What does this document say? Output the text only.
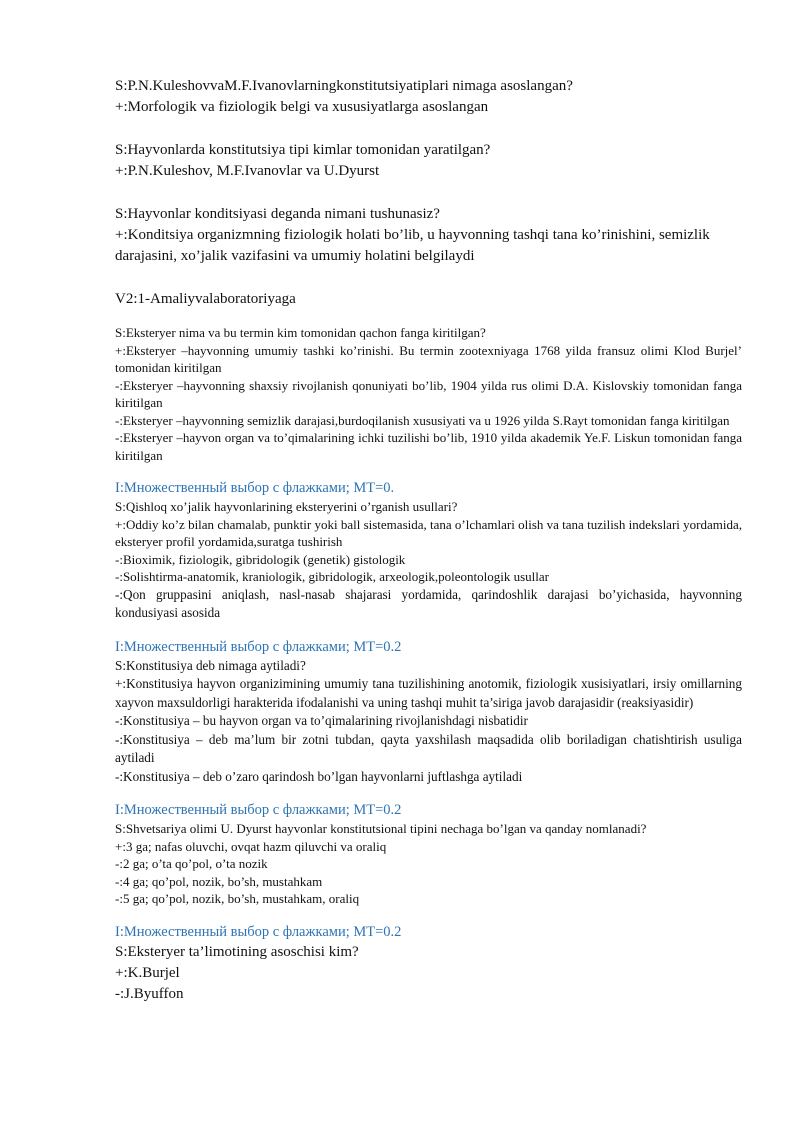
S:P.N.KuleshovvaM.F.Ivanovlarningkonstitutsiyatiplari nimaga asoslangan?

+:Morfologik va fiziologik belgi va xususiyatlarga asoslangan

S:Hayvonlarda konstitutsiya tipi kimlar tomonidan yaratilgan?

+:P.N.Kuleshov, M.F.Ivanovlar va U.Dyurst

S:Hayvonlar konditsiyasi deganda nimani tushunasiz?

+:Konditsiya organizmning fiziologik holati bo’lib, u hayvonning tashqi tana ko’rinishini, semizlik darajasini, xo’jalik vazifasini va umumiy holatini belgilaydi

V2:1-Amaliyvalaboratoriyaga

S:Eksteryer nima va bu termin kim tomonidan qachon fanga kiritilgan?

+:Eksteryer –hayvonning umumiy tashki ko’rinishi. Bu termin zootexniyaga 1768 yilda fransuz olimi Klod Burjel’ tomonidan kiritilgan

-:Eksteryer –hayvonning shaxsiy rivojlanish qonuniyati bo’lib, 1904 yilda rus olimi D.A. Kislovskiy tomonidan fanga kiritilgan

-:Eksteryer –hayvonning semizlik darajasi,burdoqilanish xususiyati va u 1926 yilda S.Rayt tomonidan fanga kiritilgan

-:Eksteryer –hayvon organ va to’qimalarining ichki tuzilishi bo’lib, 1910 yilda akademik Ye.F. Liskun tomonidan fanga kiritilgan

I:Множественный выбор с флажками; MT=0.

S:Qishloq xo’jalik hayvonlarining eksteryerini o’rganish usullari?

+:Oddiy ko’z bilan chamalab, punktir yoki ball sistemasida, tana o’lchamlari olish va tana tuzilish indekslari yordamida, eksteryer profil yordamida,suratga tushirish

-:Bioximik, fiziologik, gibridologik (genetik) gistologik

-:Solishtirma-anatomik, kraniologik, gibridologik, arxeologik,poleontologik usullar

-:Qon gruppasini aniqlash, nasl-nasab shajarasi yordamida, qarindoshlik darajasi bo’yichasida, hayvonning kondusiyasi asosida

I:Множественный выбор с флажками; MT=0.2

S:Konstitusiya deb nimaga aytiladi?

+:Konstitusiya hayvon organizimining umumiy tana tuzilishining anotomik, fiziologik xusisiyatlari, irsiy omillarning xayvon maxsuldorligi harakterida ifodalanishi va uning tashqi muhit ta’siriga javob darajasidir (reaksiyasidir)

-:Konstitusiya – bu hayvon organ va to’qimalarining rivojlanishdagi nisbatidir

-:Konstitusiya – deb ma’lum bir zotni tubdan, qayta yaxshilash maqsadida olib boriladigan chatishtirish usuliga aytiladi

-:Konstitusiya – deb o’zaro qarindosh bo’lgan hayvonlarni juftlashga aytiladi

I:Множественный выбор с флажками; MT=0.2

S:Shvetsariya olimi U. Dyurst hayvonlar konstitutsional tipini nechaga bo’lgan va qanday nomlanadi?

+:3 ga; nafas oluvchi, ovqat hazm qiluvchi va oraliq

-:2 ga; o’ta qo’pol, o’ta nozik

-:4 ga; qo’pol, nozik, bo’sh, mustahkam

-:5 ga; qo’pol, nozik, bo’sh, mustahkam, oraliq

I:Множественный выбор с флажками; MT=0.2

S:Eksteryer ta’limotining asoschisi kim?

+:K.Burjel

-:J.Byuffon
